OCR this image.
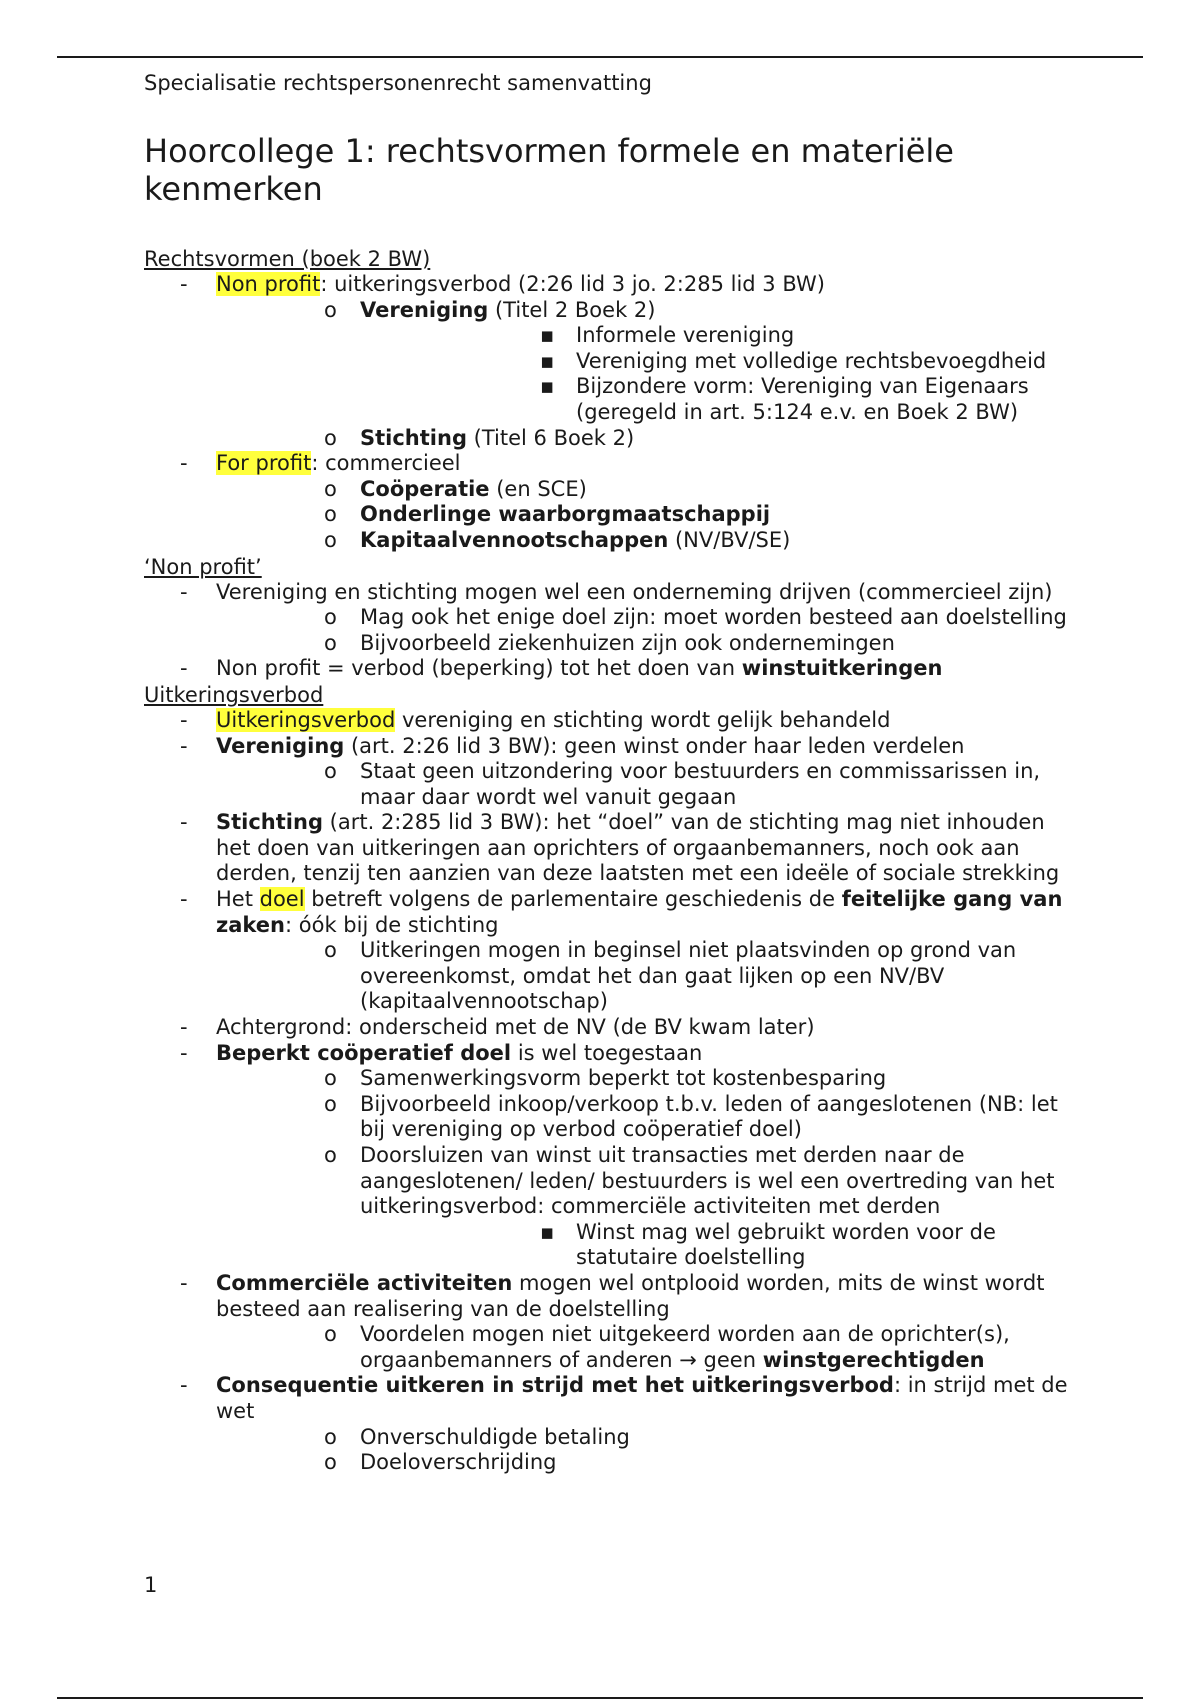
Specialisatie rechtspersonenrecht samenvatting

Hoorcollege 1: rechtsvormen formele en materiële
kenmerken

Rechtsvormen (boek 2 BW)

- Non profit: uitkeringsverbod (2:26 lid 3 jo. 2:285 lid 3 BW)
o Vereniging (Titel 2 Boek 2)
▪ Informele vereniging
▪ Vereniging met volledige rechtsbevoegdheid
▪ Bijzondere vorm: Vereniging van Eigenaars (geregeld in art. 5:124 e.v. en Boek 2 BW)
o Stichting (Titel 6 Boek 2)
- For profit: commercieel
o Coöperatie (en SCE)
o Onderlinge waarborgmaatschappij
o Kapitaalvennootschappen (NV/BV/SE)

‘Non profit’

- Vereniging en stichting mogen wel een onderneming drijven (commercieel zijn)
o Mag ook het enige doel zijn: moet worden besteed aan doelstelling
o Bijvoorbeeld ziekenhuizen zijn ook ondernemingen
- Non profit = verbod (beperking) tot het doen van winstuitkeringen

Uitkeringsverbod

- Uitkeringsverbod vereniging en stichting wordt gelijk behandeld
- Vereniging (art. 2:26 lid 3 BW): geen winst onder haar leden verdelen
o Staat geen uitzondering voor bestuurders en commissarissen in, maar daar wordt wel vanuit gegaan
- Stichting (art. 2:285 lid 3 BW): het “doel” van de stichting mag niet inhouden het doen van uitkeringen aan oprichters of orgaanbemanners, noch ook aan derden, tenzij ten aanzien van deze laatsten met een ideële of sociale strekking
- Het doel betreft volgens de parlementaire geschiedenis de feitelijke gang van zaken: óók bij de stichting
o Uitkeringen mogen in beginsel niet plaatsvinden op grond van overeenkomst, omdat het dan gaat lijken op een NV/BV (kapitaalvennootschap)
- Achtergrond: onderscheid met de NV (de BV kwam later)
- Beperkt coöperatief doel is wel toegestaan
o Samenwerkingsvorm beperkt tot kostenbesparing
o Bijvoorbeeld inkoop/verkoop t.b.v. leden of aangeslotenen (NB: let bij vereniging op verbod coöperatief doel)
o Doorsluizen van winst uit transacties met derden naar de aangeslotenen/ leden/ bestuurders is wel een overtreding van het uitkeringsverbod: commerciële activiteiten met derden
▪ Winst mag wel gebruikt worden voor de statutaire doelstelling
- Commerciële activiteiten mogen wel ontplooid worden, mits de winst wordt besteed aan realisering van de doelstelling
o Voordelen mogen niet uitgekeerd worden aan de oprichter(s), orgaanbemanners of anderen → geen winstgerechtigden
- Consequentie uitkeren in strijd met het uitkeringsverbod: in strijd met de wet
o Onverschuldigde betaling
o Doeloverschrijding
1
